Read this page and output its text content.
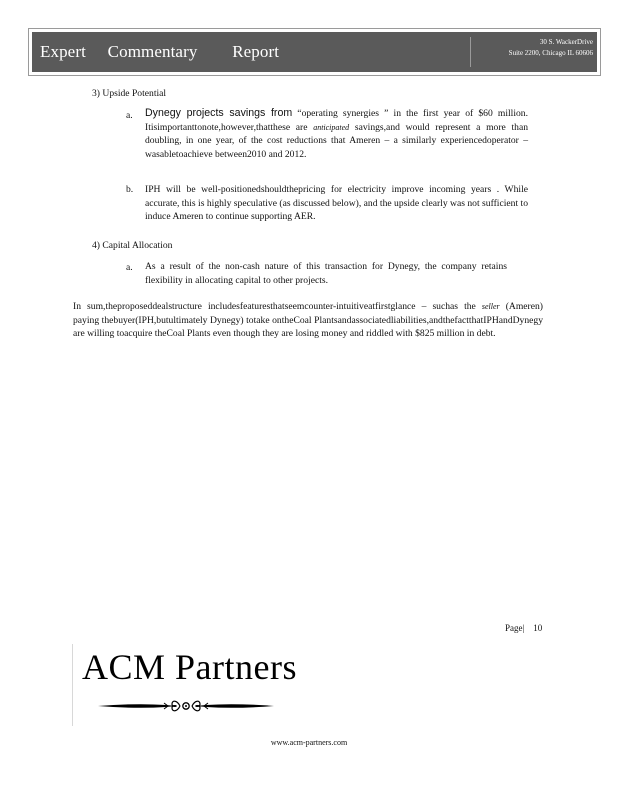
Expert     Commentary        Report	30 S. WackerDrive
Suite 2200, Chicago IL 60606
3) Upside Potential
a. Dynegy projects savings from “operating synergies ” in the first year of $60 million. Itisimportanttonote,however,thatthese are anticipated savings,and would represent a more than doubling, in one year, of the cost reductions that Ameren – a similarly experiencedoperator – wasabletoachieve between2010 and 2012.
b. IPH will be well-positionedshouldthepricing for electricity improve incoming years . While accurate, this is highly speculative (as discussed below), and the upside clearly was not sufficient to induce Ameren to continue supporting AER.
4) Capital Allocation
a. As a result of the non-cash nature of this transaction for Dynegy, the company retains flexibility in allocating capital to other projects.
In sum,theproposeddealstructure includesfeaturesthatseemcounter-intuitiveatfirstglance – suchas the seller (Ameren) paying thebuyer(IPH,butultimately Dynegy) totake ontheCoal Plantsandassociatedliabilities,andthefactthatIPHandDynegy are willing toacquire theCoal Plants even though they are losing money and riddled with $825 million in debt.
Page| 10
ACM Partners
www.acm-partners.com
